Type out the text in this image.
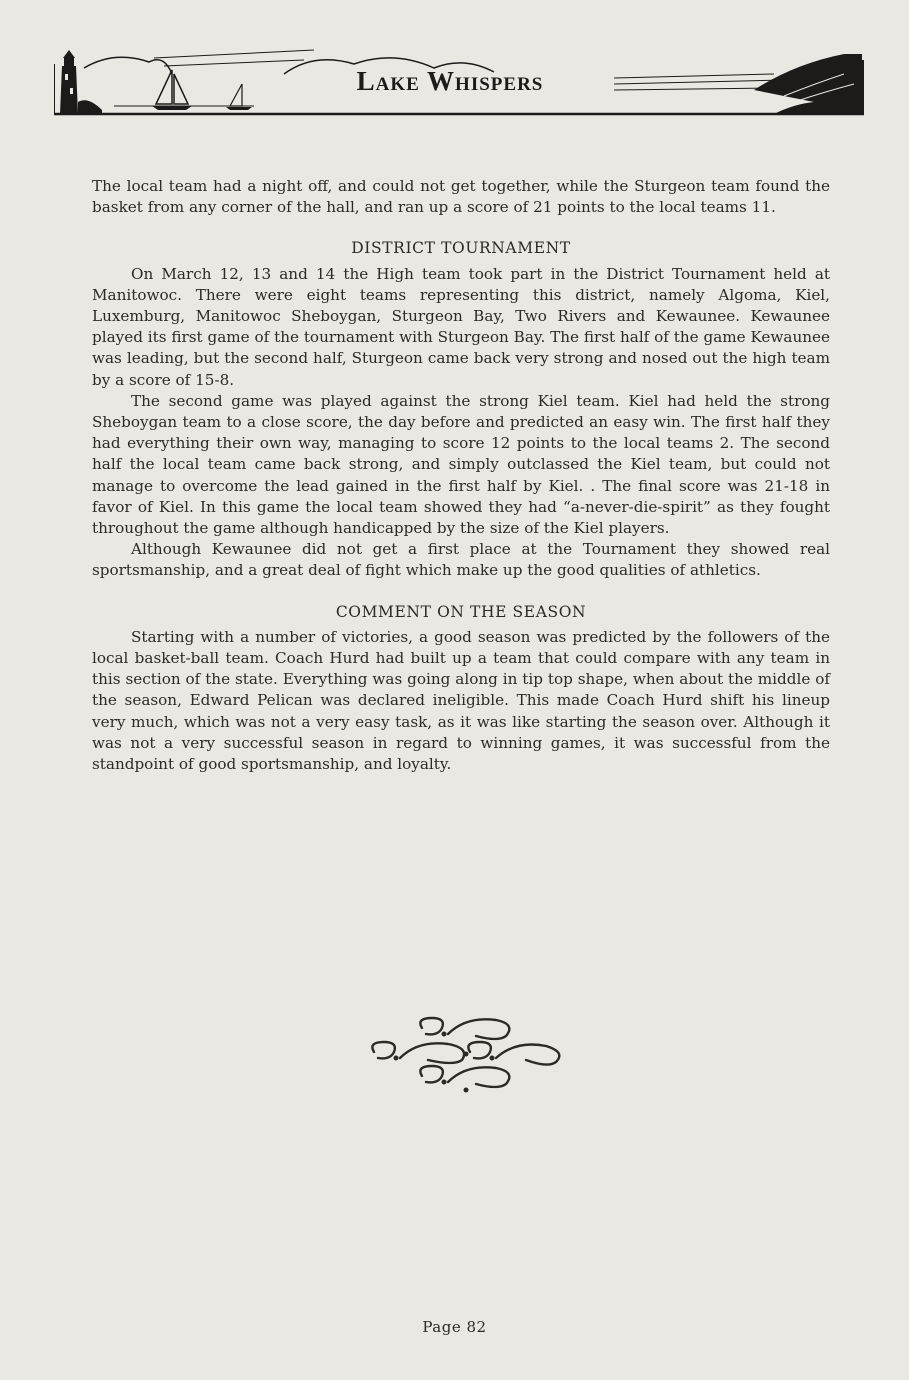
Lake Whispers

The local team had a night off, and could not get together, while the Sturgeon team found the basket from any corner of the hall, and ran up a score of 21 points to the local teams 11.

DISTRICT TOURNAMENT

On March 12, 13 and 14 the High team took part in the District Tournament held at Manitowoc. There were eight teams representing this district, namely Algoma, Kiel, Luxemburg, Manitowoc Sheboygan, Sturgeon Bay, Two Rivers and Kewaunee. Kewaunee played its first game of the tournament with Sturgeon Bay. The first half of the game Kewaunee was leading, but the second half, Sturgeon came back very strong and nosed out the high team by a score of 15-8.

The second game was played against the strong Kiel team. Kiel had held the strong Sheboygan team to a close score, the day before and predicted an easy win. The first half they had everything their own way, managing to score 12 points to the local teams 2. The second half the local team came back strong, and simply outclassed the Kiel team, but could not manage to overcome the lead gained in the first half by Kiel. . The final score was 21-18 in favor of Kiel. In this game the local team showed they had “a-never-die-spirit” as they fought throughout the game although handicapped by the size of the Kiel players.

Although Kewaunee did not get a first place at the Tournament they showed real sportsmanship, and a great deal of fight which make up the good qualities of athletics.

COMMENT ON THE SEASON

Starting with a number of victories, a good season was predicted by the followers of the local basket-ball team. Coach Hurd had built up a team that could compare with any team in this section of the state. Everything was going along in tip top shape, when about the middle of the season, Edward Pelican was declared ineligible. This made Coach Hurd shift his lineup very much, which was not a very easy task, as it was like starting the season over. Although it was not a very successful season in regard to winning games, it was successful from the standpoint of good sportsmanship, and loyalty.

Page 82
